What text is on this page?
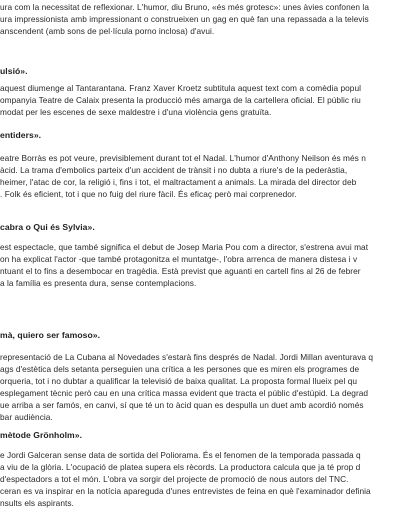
ura com la necessitat de reflexionar. L'humor, diu Bruno, «és més grotesc»: unes àvies confonen la
ura impressionista amb impressionant o construeixen un gag en què fan una repassada a la televis
anscendent (amb sons de pel·lícula porno inclosa) d'avui.
ulsió».
aquest diumenge al Tantarantana. Franz Xaver Kroetz subtitula aquest text com a comèdia popul
ompanyia Teatre de Calaix presenta la producció més amarga de la cartellera oficial. El públic riu
modat per les escenes de sexe maldestre i d'una violència gens gratuïta.
entiders».
eatre Borràs es pot veure, previsiblement durant tot el Nadal. L'humor d'Anthony Neilson és més n
àcid. La trama d'embolics parteix d'un accident de trànsit i no dubta a riure's de la pederàstia,
heimer, l'atac de cor, la religió i, fins i tot, el maltractament a animals. La mirada del director deb
. Folk és eficient, tot i que no fuig del riure fàcil. És eficaç però mai corprenedor.
cabra o Qui és Sylvia».
est espectacle, que també significa el debut de Josep Maria Pou com a director, s'estrena avui mat
on ha explicat l'actor -que també protagonitza el muntatge-, l'obra arrenca de manera distesa i v
ntuant el to fins a desembocar en tragèdia. Està previst que aguanti en cartell fins al 26 de febrer
a la família es presenta dura, sense contemplacions.
mà, quiero ser famoso».
representació de La Cubana al Novedades s'estarà fins després de Nadal. Jordi Millan aventurava q
ags d'estètica dels setanta perseguien una crítica a les persones que es miren els programes de
orqueria, tot i no dubtar a qualificar la televisió de baixa qualitat. La proposta formal llueix pel qu
esplegament tècnic però cau en una crítica massa evident que tracta el públic d'estúpid. La degrad
ue arriba a ser famós, en canvi, sí que té un to àcid quan es despulla un duet amb acordió només
bar audiència.
mètode Grönholm».
e Jordi Galceran sense data de sortida del Poliorama. És el fenomen de la temporada passada q
a viu de la glòria. L'ocupació de platea supera els rècords. La productora calcula que ja té prop d
d'espectadors a tot el món. L'obra va sorgir del projecte de promoció de nous autors del TNC.
ceran es va inspirar en la notícia apareguda d'unes entrevistes de feina en què l'examinador definia
nsults els aspirants.
